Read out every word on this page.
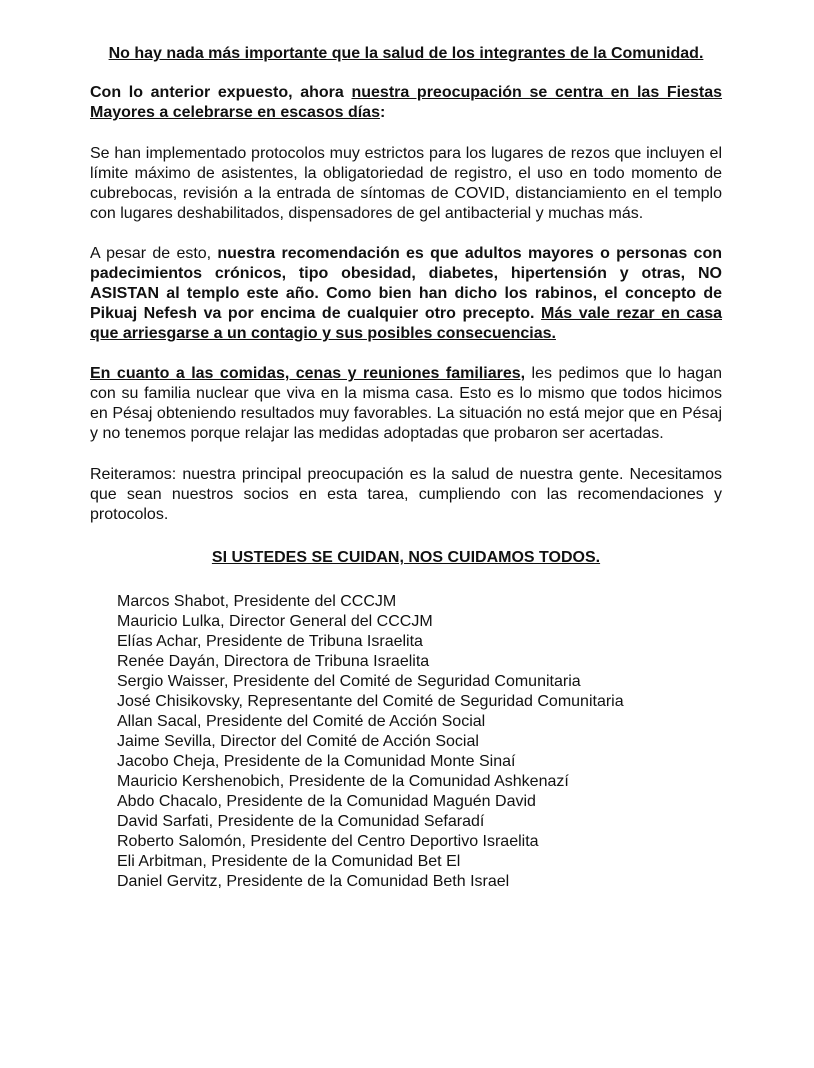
No hay nada más importante que la salud de los integrantes de la Comunidad.

Con lo anterior expuesto, ahora nuestra preocupación se centra en las Fiestas Mayores a celebrarse en escasos días:

Se han implementado protocolos muy estrictos para los lugares de rezos que incluyen el límite máximo de asistentes, la obligatoriedad de registro, el uso en todo momento de cubrebocas, revisión a la entrada de síntomas de COVID, distanciamiento en el templo con lugares deshabilitados, dispensadores de gel antibacterial y muchas más.

A pesar de esto, nuestra recomendación es que adultos mayores o personas con padecimientos crónicos, tipo obesidad, diabetes, hipertensión y otras, NO ASISTAN al templo este año. Como bien han dicho los rabinos, el concepto de Pikuaj Nefesh va por encima de cualquier otro precepto. Más vale rezar en casa que arriesgarse a un contagio y sus posibles consecuencias.

En cuanto a las comidas, cenas y reuniones familiares, les pedimos que lo hagan con su familia nuclear que viva en la misma casa. Esto es lo mismo que todos hicimos en Pésaj obteniendo resultados muy favorables. La situación no está mejor que en Pésaj y no tenemos porque relajar las medidas adoptadas que probaron ser acertadas.

Reiteramos: nuestra principal preocupación es la salud de nuestra gente. Necesitamos que sean nuestros socios en esta tarea, cumpliendo con las recomendaciones y protocolos.

SI USTEDES SE CUIDAN, NOS CUIDAMOS TODOS.
Marcos Shabot, Presidente del CCCJM
Mauricio Lulka, Director General del CCCJM
Elías Achar, Presidente de Tribuna Israelita
Renée Dayán, Directora de Tribuna Israelita
Sergio Waisser, Presidente del Comité de Seguridad Comunitaria
José Chisikovsky, Representante del Comité de Seguridad Comunitaria
Allan Sacal, Presidente del Comité de Acción Social
Jaime Sevilla, Director del Comité de Acción Social
Jacobo Cheja, Presidente de la Comunidad Monte Sinaí
Mauricio Kershenobich, Presidente de la Comunidad Ashkenazí
Abdo Chacalo, Presidente de la Comunidad Maguén David
David Sarfati, Presidente de la Comunidad Sefaradí
Roberto Salomón, Presidente del Centro Deportivo Israelita
Eli Arbitman, Presidente de la Comunidad Bet El
Daniel Gervitz, Presidente de la Comunidad Beth Israel
